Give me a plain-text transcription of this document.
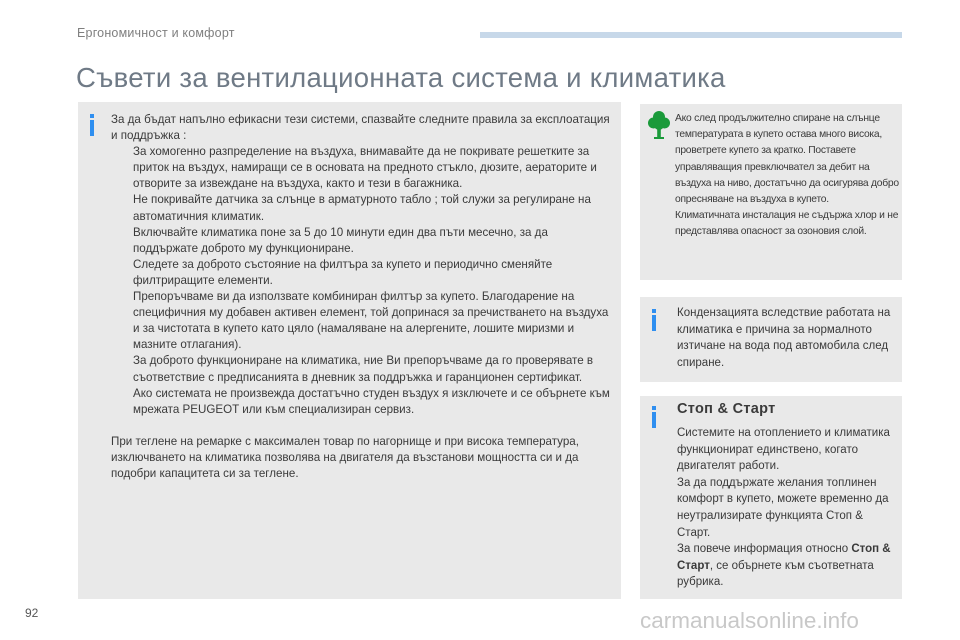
Ергономичност и комфорт
Съвети за вентилационната система и климатика

За да бъдат напълно ефикасни тези системи, спазвайте следните правила за експлоатация и поддръжка :

За хомогенно разпределение на въздуха, внимавайте да не покривате решетките за приток на въздух, намиращи се в основата на предното стъкло, дюзите, аераторите и отворите за извеждане на въздуха, както и тези в багажника.
Не покривайте датчика за слънце в арматурното табло ; той служи за регулиране на автоматичния климатик.
Включвайте климатика поне за 5 до 10 минути един два пъти месечно, за да поддържате доброто му функциониране.
Следете за доброто състояние на филтъра за купето и периодично сменяйте филтриращите елементи.
Препоръчваме ви да използвате комбиниран филтър за купето. Благодарение на специфичния му добавен активен елемент, той допринася за пречистването на въздуха и за чистотата в купето като цяло (намаляване на алергените, лошите миризми и мазните отлагания).
За доброто функциониране на климатика, ние Ви препоръчваме да го проверявате в съответствие с предписанията в дневник за поддръжка и гаранционен сертификат.
Ако системата не произвежда достатъчно студен въздух я изключете и се обърнете към мрежата PEUGEOT или към специализиран сервиз.

При теглене на ремарке с максимален товар по нагорнище и при висока температура, изключването на климатика позволява на двигателя да възстанови мощността си и да подобри капацитета си за теглене.

Ако след продължително спиране на слънце температурата в купето остава много висока, проветрете купето за кратко. Поставете управляващия превключвател за дебит на въздуха на ниво, достатъчно да осигурява добро опресняване на въздуха в купето.

Климатичната инсталация не съдържа хлор и не представлява опасност за озоновия слой.

Кондензацията вследствие работата на климатика е причина за нормалното изтичане на вода под автомобила след спиране.

Стоп & Старт

Системите на отоплението и климатика функционират единствено, когато двигателят работи.

За да поддържате желания топлинен комфорт в купето, можете временно да неутрализирате функцията Стоп & Старт.

За повече информация относно Стоп & Старт, се обърнете към съответната рубрика.

92	carmanualsonline.info
